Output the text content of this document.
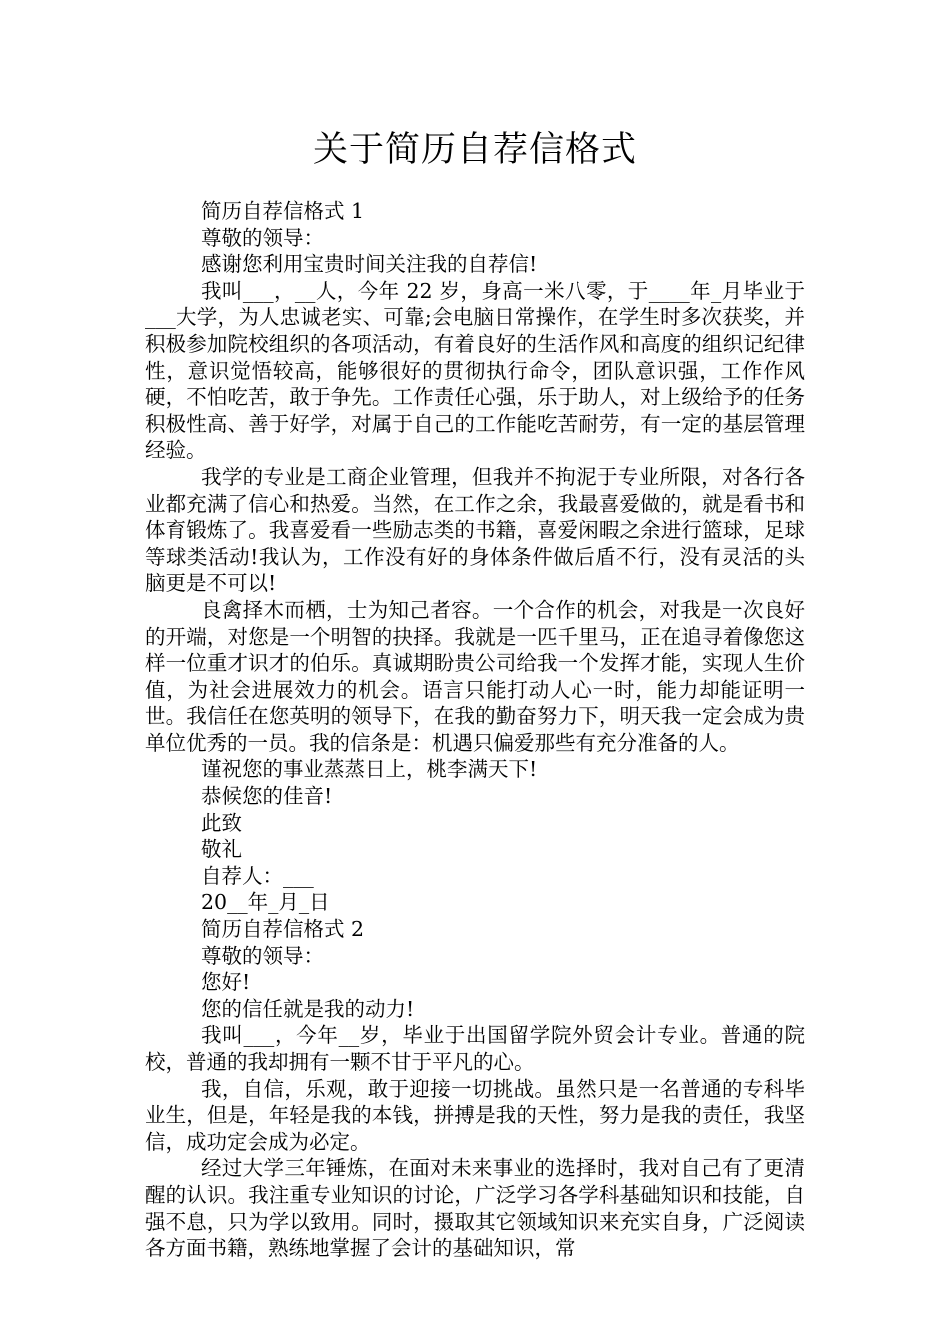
关于简历自荐信格式

简历自荐信格式 1

尊敬的领导：

感谢您利用宝贵时间关注我的自荐信!

我叫___，__人，今年 22 岁，身高一米八零，于____年_月毕业于___大学，为人忠诚老实、可靠;会电脑日常操作，在学生时多次获奖，并积极参加院校组织的各项活动，有着良好的生活作风和高度的组织记纪律性，意识觉悟较高，能够很好的贯彻执行命令，团队意识强，工作作风硬，不怕吃苦，敢于争先。工作责任心强，乐于助人，对上级给予的任务积极性高、善于好学，对属于自己的工作能吃苦耐劳，有一定的基层管理经验。

我学的专业是工商企业管理，但我并不拘泥于专业所限，对各行各业都充满了信心和热爱。当然，在工作之余，我最喜爱做的，就是看书和体育锻炼了。我喜爱看一些励志类的书籍，喜爱闲暇之余进行篮球，足球等球类活动!我认为，工作没有好的身体条件做后盾不行，没有灵活的头脑更是不可以!

良禽择木而栖，士为知己者容。一个合作的机会，对我是一次良好的开端，对您是一个明智的抉择。我就是一匹千里马，正在追寻着像您这样一位重才识才的伯乐。真诚期盼贵公司给我一个发挥才能，实现人生价值，为社会进展效力的机会。语言只能打动人心一时，能力却能证明一世。我信任在您英明的领导下，在我的勤奋努力下，明天我一定会成为贵单位优秀的一员。我的信条是：机遇只偏爱那些有充分准备的人。

谨祝您的事业蒸蒸日上，桃李满天下!

恭候您的佳音!

此致

敬礼

自荐人：___

20__年_月_日

简历自荐信格式 2

尊敬的领导：

您好!

您的信任就是我的动力!

我叫___，今年__岁，毕业于出国留学院外贸会计专业。普通的院校，普通的我却拥有一颗不甘于平凡的心。

我，自信，乐观，敢于迎接一切挑战。虽然只是一名普通的专科毕业生，但是，年轻是我的本钱，拼搏是我的天性，努力是我的责任，我坚信，成功定会成为必定。

经过大学三年锤炼，在面对未来事业的选择时，我对自己有了更清醒的认识。我注重专业知识的讨论，广泛学习各学科基础知识和技能，自强不息，只为学以致用。同时，摄取其它领域知识来充实自身，广泛阅读各方面书籍，熟练地掌握了会计的基础知识，常
